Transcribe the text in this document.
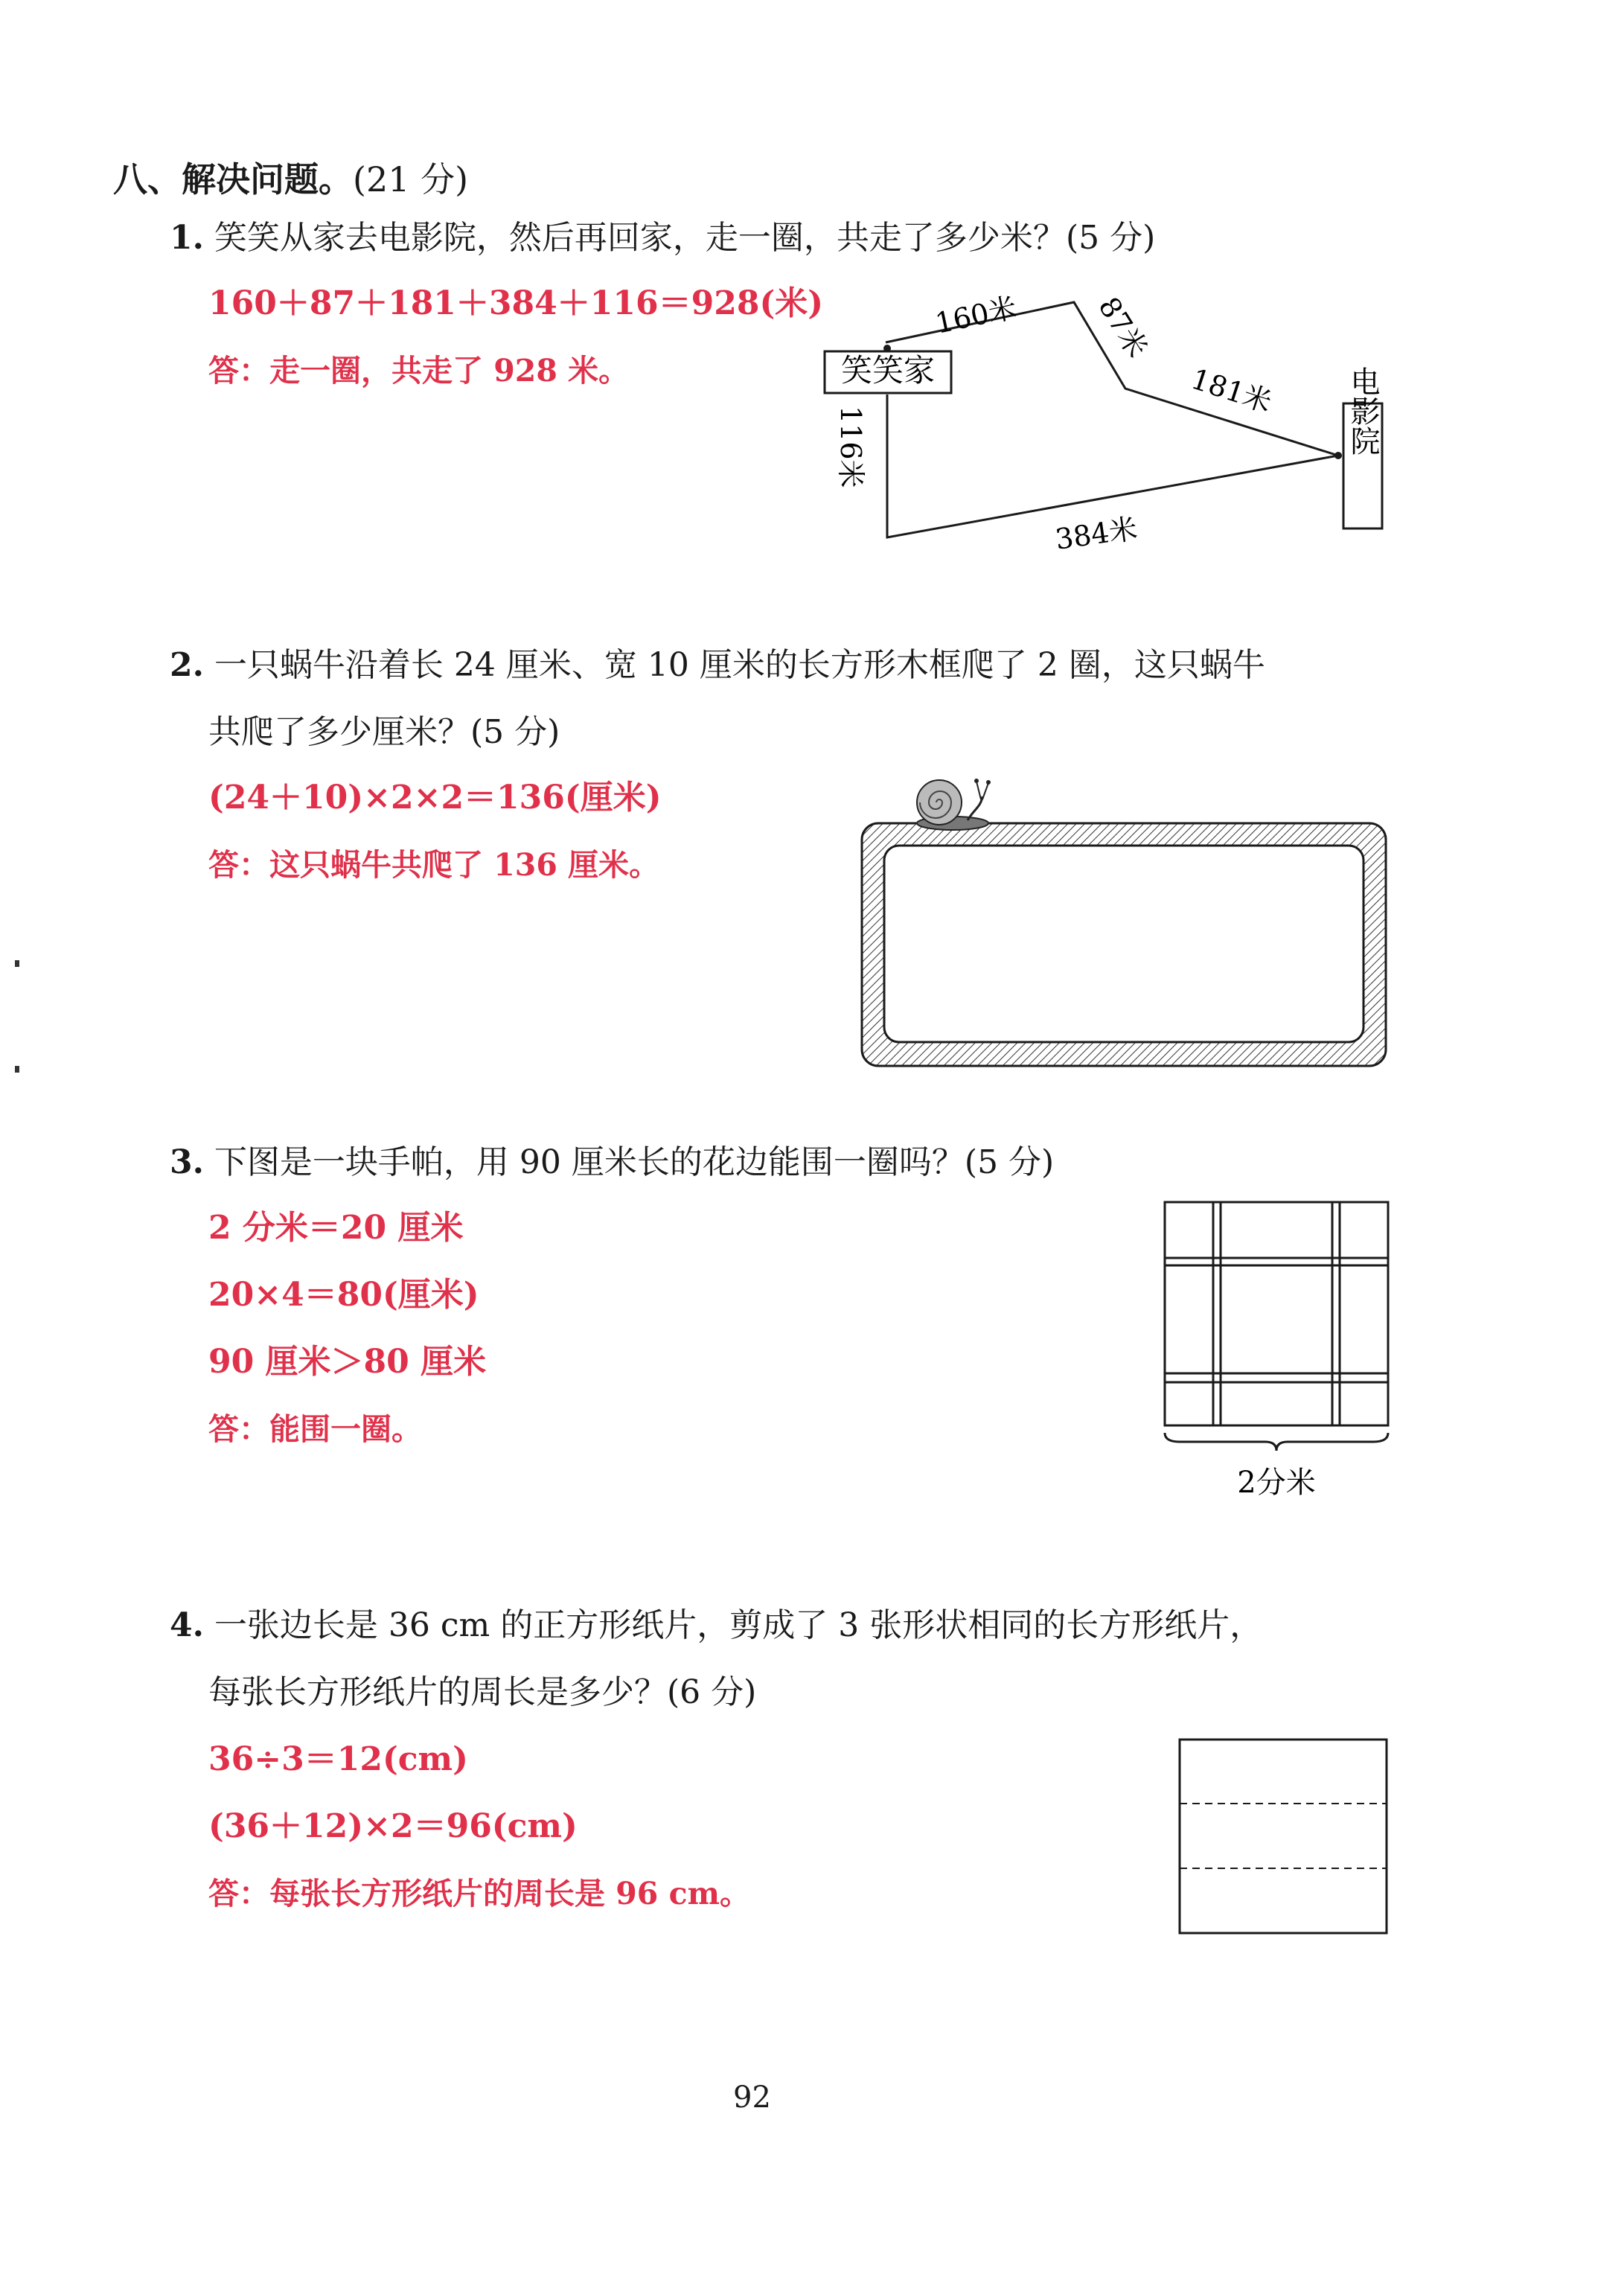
八、解决问题。(21 分)
1. 笑笑从家去电影院，然后再回家，走一圈，共走了多少米？(5 分)
160＋87＋181＋384＋116＝928(米)
答：走一圈，共走了 928 米。	笑笑家	电影院
160米	87米
181米
384米
116米
2. 一只蜗牛沿着长 24 厘米、宽 10 厘米的长方形木框爬了 2 圈，这只蜗牛
共爬了多少厘米？(5 分)
(24＋10)×2×2＝136(厘米)
答：这只蜗牛共爬了 136 厘米。
3. 下图是一块手帕，用 90 厘米长的花边能围一圈吗？(5 分)
2 分米＝20 厘米
20×4＝80(厘米)
90 厘米＞80 厘米
答：能围一圈。
2分米
4. 一张边长是 36 cm 的正方形纸片，剪成了 3 张形状相同的长方形纸片，
每张长方形纸片的周长是多少？(6 分)
36÷3＝12(cm)
(36＋12)×2＝96(cm)
答：每张长方形纸片的周长是 96 cm。
92
